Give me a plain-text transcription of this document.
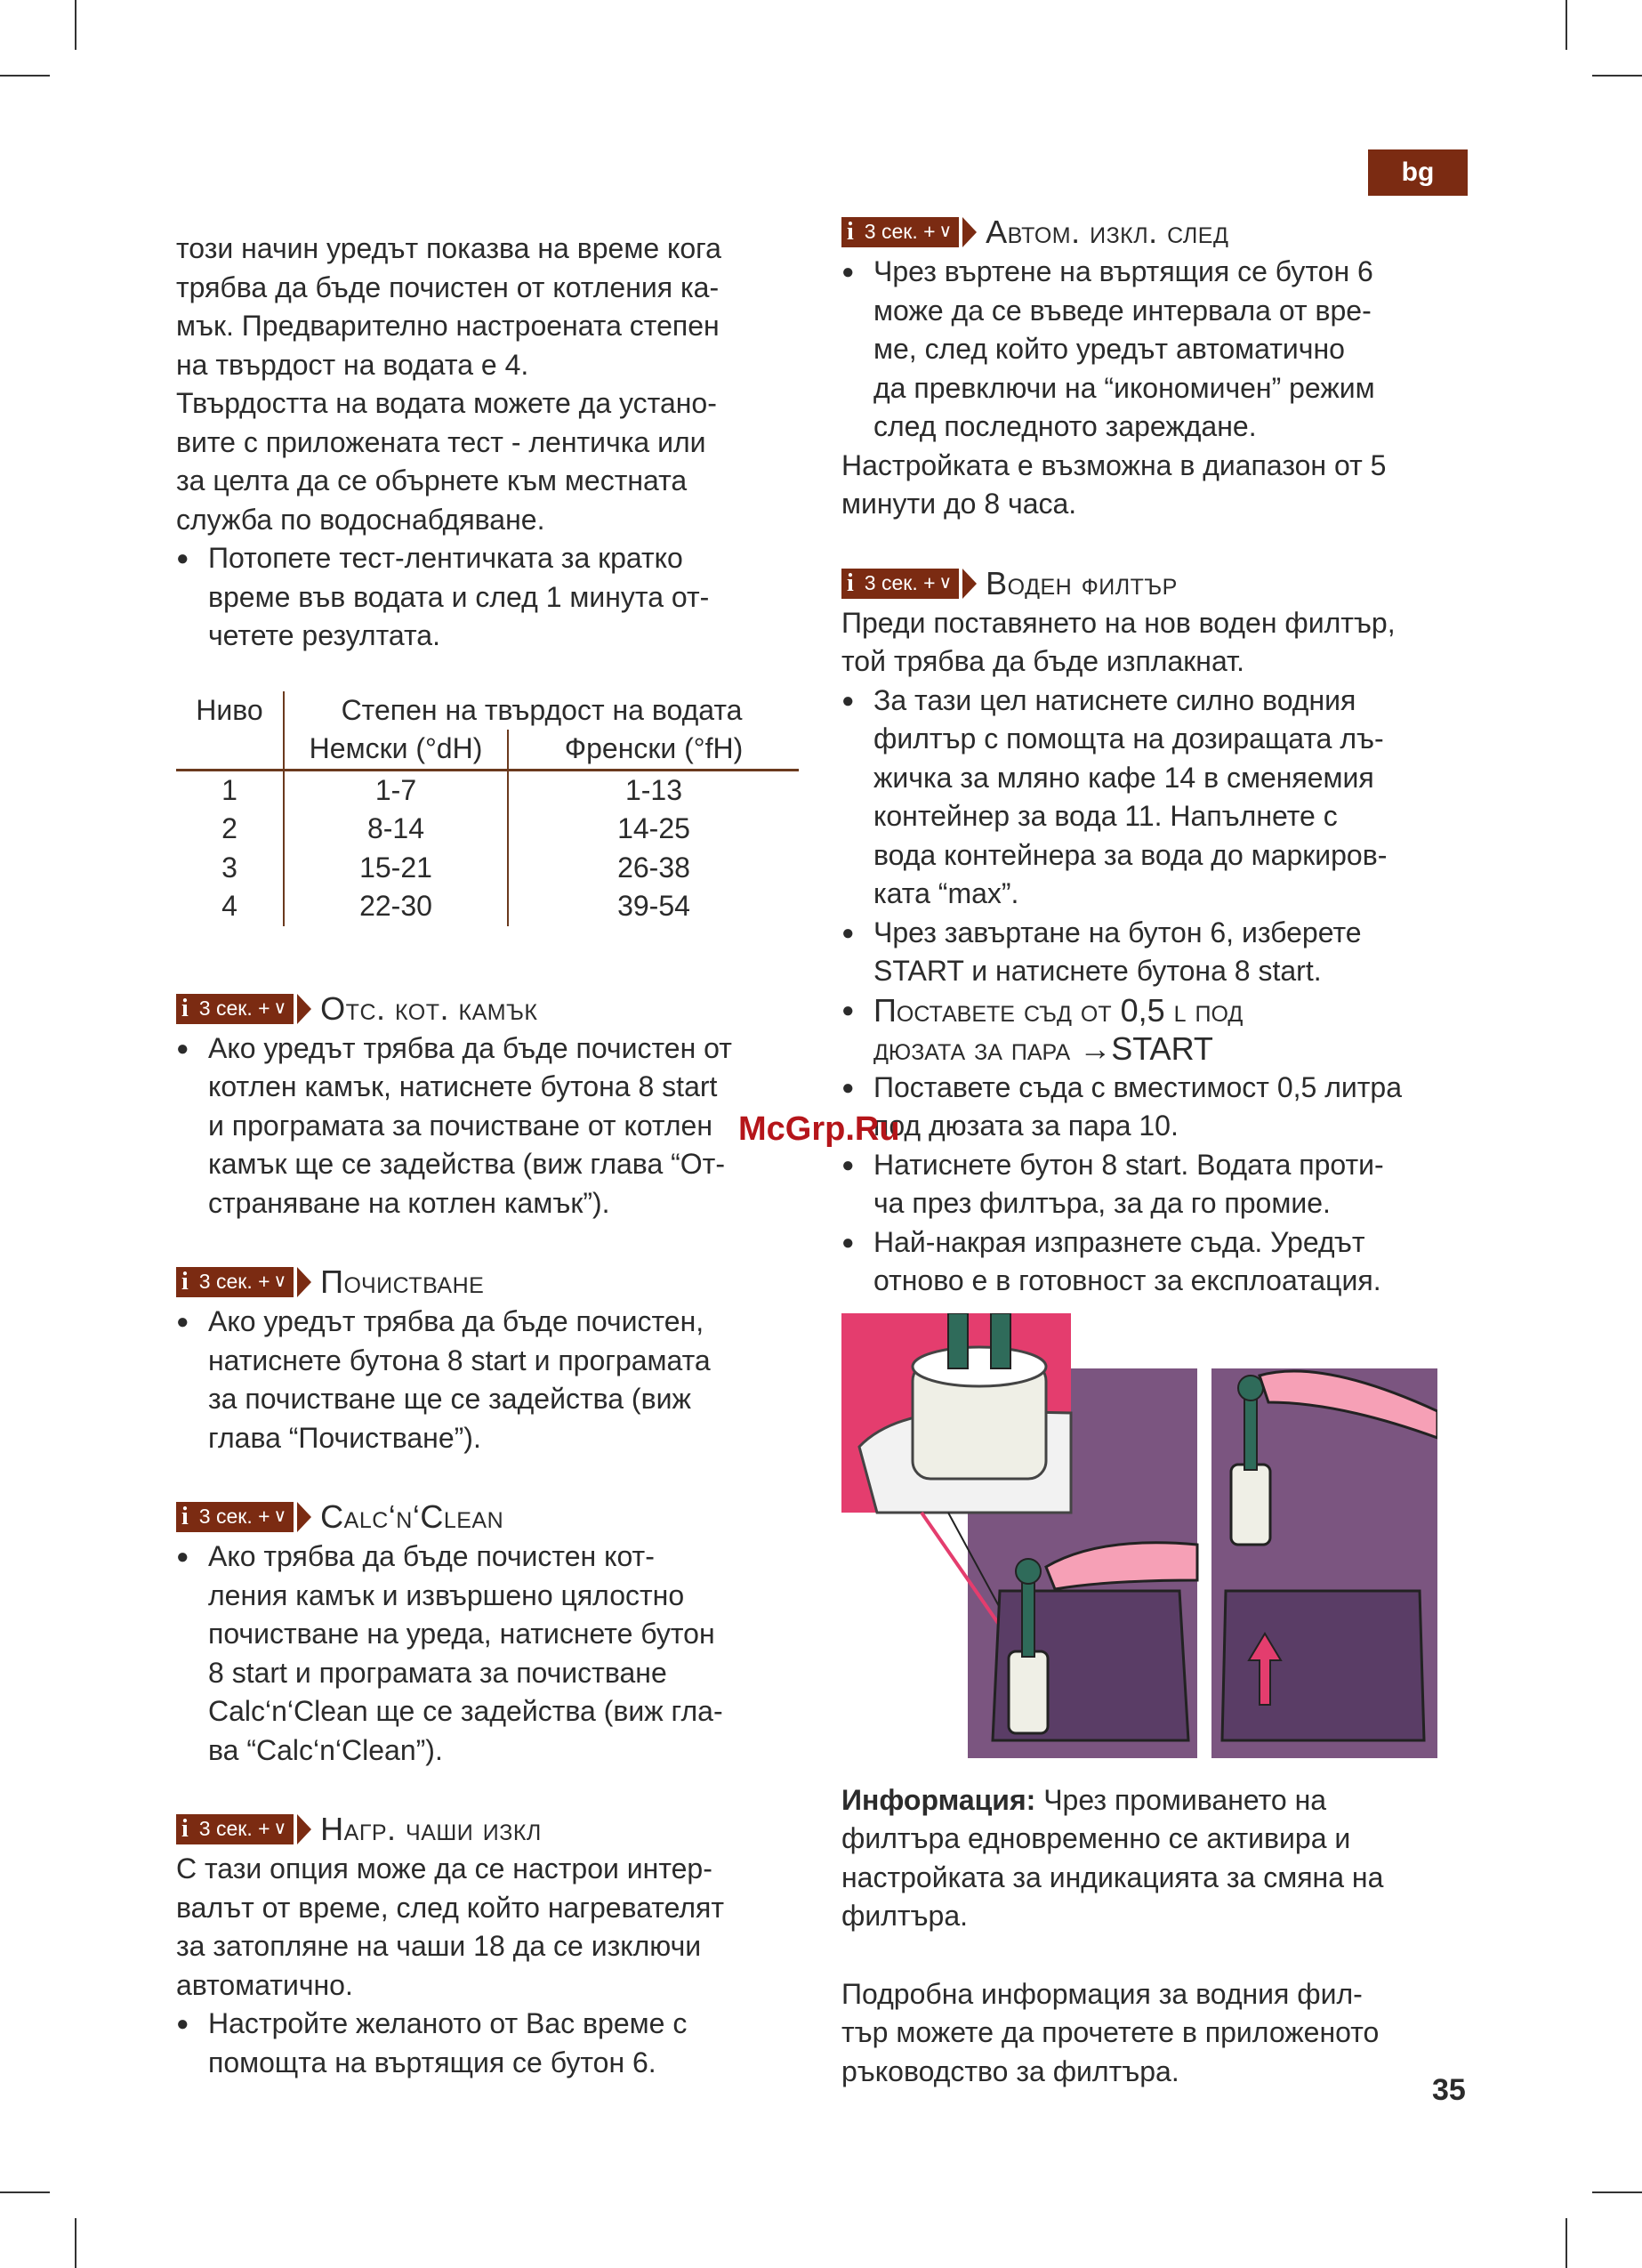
bg

този начин уредът показва на време кога
трябва да бъде почистен от котления ка-
мък. Предварително настроената степен
на твърдост на водата е 4.

Твърдостта на водата можете да устано-
вите с приложената тест - лентичка или
за целта да се обърнете към местната
служба по водоснабдяване.

● Потопете тест-лентичката за кратко
време във водата и след 1 минута от-
четете резултата.

Ниво	Степен на твърдост на водата	
	Немски (°dH)	Френски (°fH)
1	1-7	1-13
2	8-14	14-25
3	15-21	26-38
4	22-30	39-54
i 3 сек. + ∨ Отс. кот. камък

● Ако уредът трябва да бъде почистен от
котлен камък, натиснете бутона 8 start
и програмата за почистване от котлен
камък ще се задейства (виж глава “От-
страняване на котлен камък”).

i 3 сек. + ∨ Почистване

● Ако уредът трябва да бъде почистен,
натиснете бутона 8 start и програмата
за почистване ще се задейства (виж
глава “Почистване”).

i 3 сек. + ∨ Calc‘n‘Clean

● Ако трябва да бъде почистен кот-
ления камък и извършено цялостно
почистване на уреда, натиснете бутон
8 start и програмата за почистване
Calc‘n‘Clean ще се задейства (виж гла-
ва “Calc‘n‘Clean”).

i 3 сек. + ∨ Нагр. чаши изкл

С тази опция може да се настрои интер-
валът от време, след който нагревателят
за затопляне на чаши 18 да се изключи
автоматично.

● Настройте желаното от Вас време с
помощта на въртящия се бутон 6.

i 3 сек. + ∨ Автом. изкл. след

● Чрез въртене на въртящия се бутон 6
може да се въведе интервала от вре-
ме, след който уредът автоматично
да превключи на “икономичен” режим
след последното зареждане.

Настройката е възможна в диапазон от 5
минути до 8 часа.

i 3 сек. + ∨ Воден филтър

Преди поставянето на нов воден филтър,
той трябва да бъде изплакнат.

● За тази цел натиснете силно водния
филтър с помощта на дозиращата лъ-
жичка за мляно кафе 14 в сменяемия
контейнер за вода 11. Напълнете с
вода контейнера за вода до маркиров-
ката “max”.

● Чрез завъртане на бутон 6, изберете
START и натиснете бутона 8 start.

● Поставете съд от 0,5 l под
дюзата за пара →START

● Поставете съда с вместимост 0,5 литра
под дюзата за пара 10.

● Натиснете бутон 8 start. Водата проти-
ча през филтъра, за да го промие.

● Най-накрая изпразнете съда. Уредът
отново е в готовност за експлоатация.

Информация: Чрез промиването на
филтъра едновременно се активира и
настройката за индикацията за смяна на
филтъра.

Подробна информация за водния фил-
тър можете да прочетете в приложеното
ръководство за филтъра.

McGrp.Ru
35
